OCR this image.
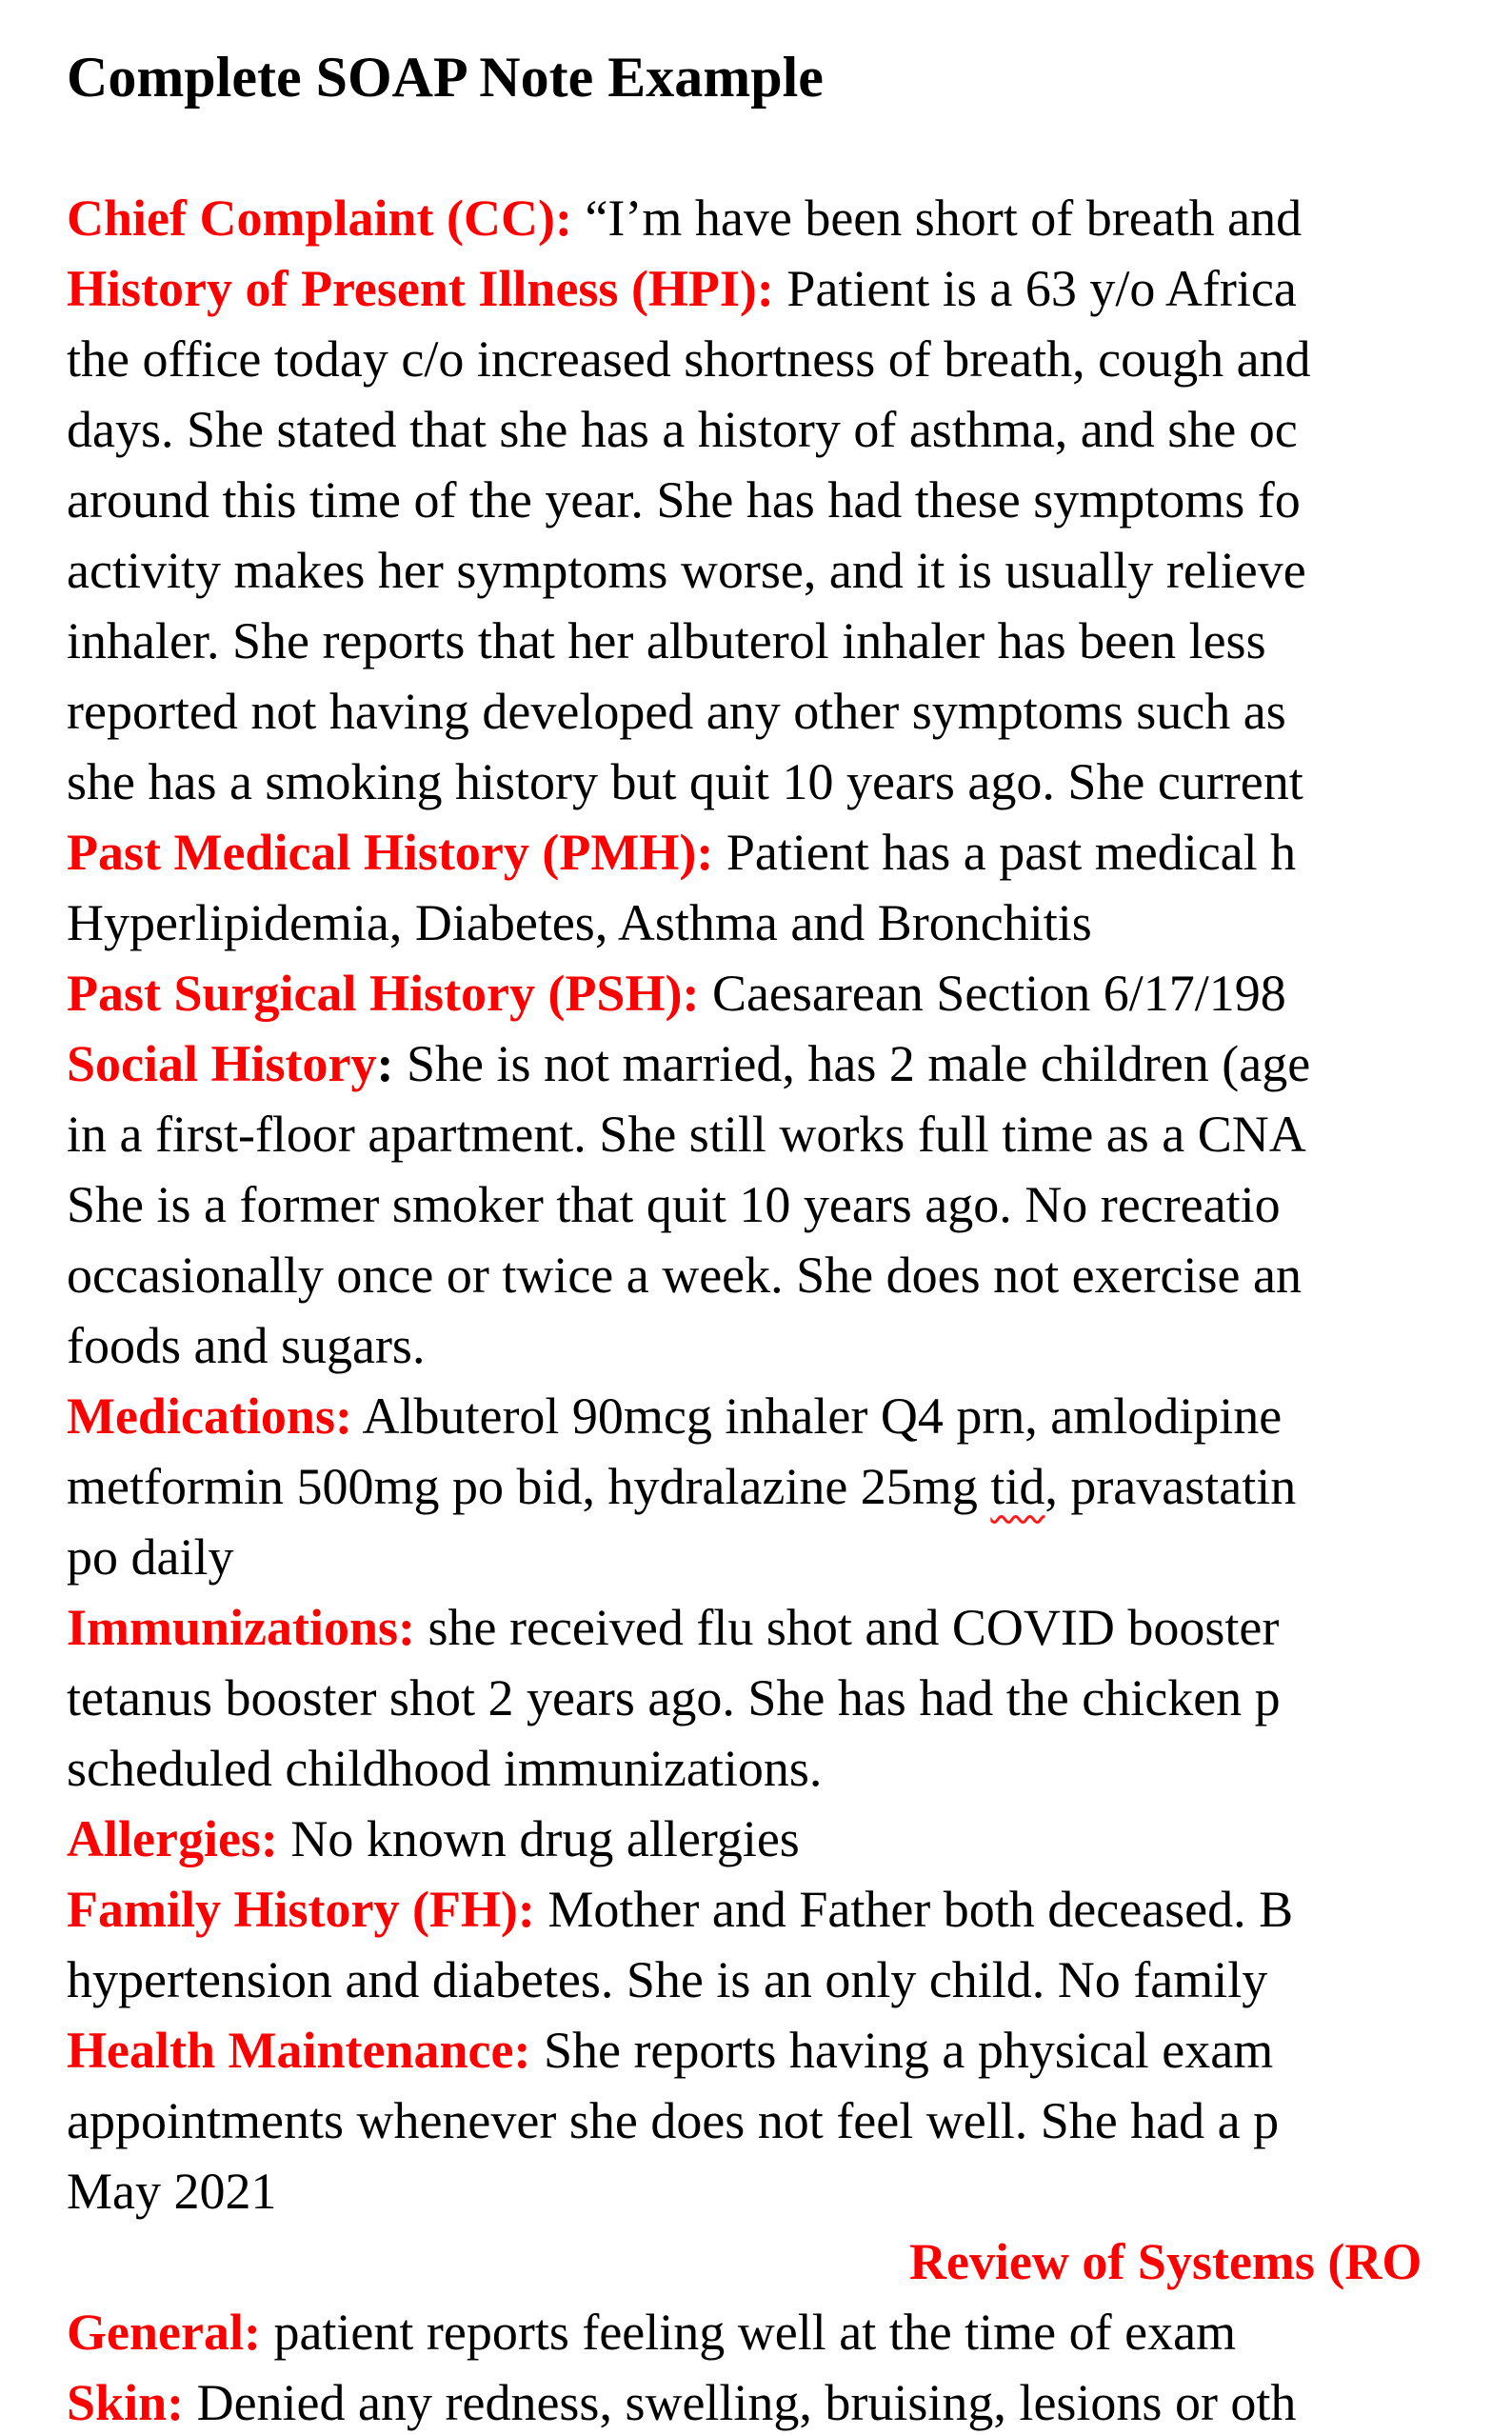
Complete SOAP Note Example
Chief Complaint (CC): “I’m have been short of breath and
History of Present Illness (HPI): Patient is a 63 y/o Africa
the office today c/o increased shortness of breath, cough and
days. She stated that she has a history of asthma, and she oc
around this time of the year. She has had these symptoms fo
activity makes her symptoms worse, and it is usually relieve
inhaler. She reports that her albuterol inhaler has been less
reported not having developed any other symptoms such as
she has a smoking history but quit 10 years ago. She current
Past Medical History (PMH): Patient has a past medical h
Hyperlipidemia, Diabetes, Asthma and Bronchitis
Past Surgical History (PSH): Caesarean Section 6/17/198
Social History: She is not married, has 2 male children (age
in a first-floor apartment. She still works full time as a CNA
She is a former smoker that quit 10 years ago. No recreatio
occasionally once or twice a week. She does not exercise an
foods and sugars.
Medications: Albuterol 90mcg inhaler Q4 prn, amlodipine
metformin 500mg po bid, hydralazine 25mg tid, pravastatin
po daily
Immunizations: she received flu shot and COVID booster
tetanus booster shot 2 years ago. She has had the chicken p
scheduled childhood immunizations.
Allergies: No known drug allergies
Family History (FH): Mother and Father both deceased. B
hypertension and diabetes. She is an only child. No family
Health Maintenance: She reports having a physical exam
appointments whenever she does not feel well. She had a p
May 2021
Review of Systems (RO
General: patient reports feeling well at the time of exam
Skin: Denied any redness, swelling, bruising, lesions or oth
